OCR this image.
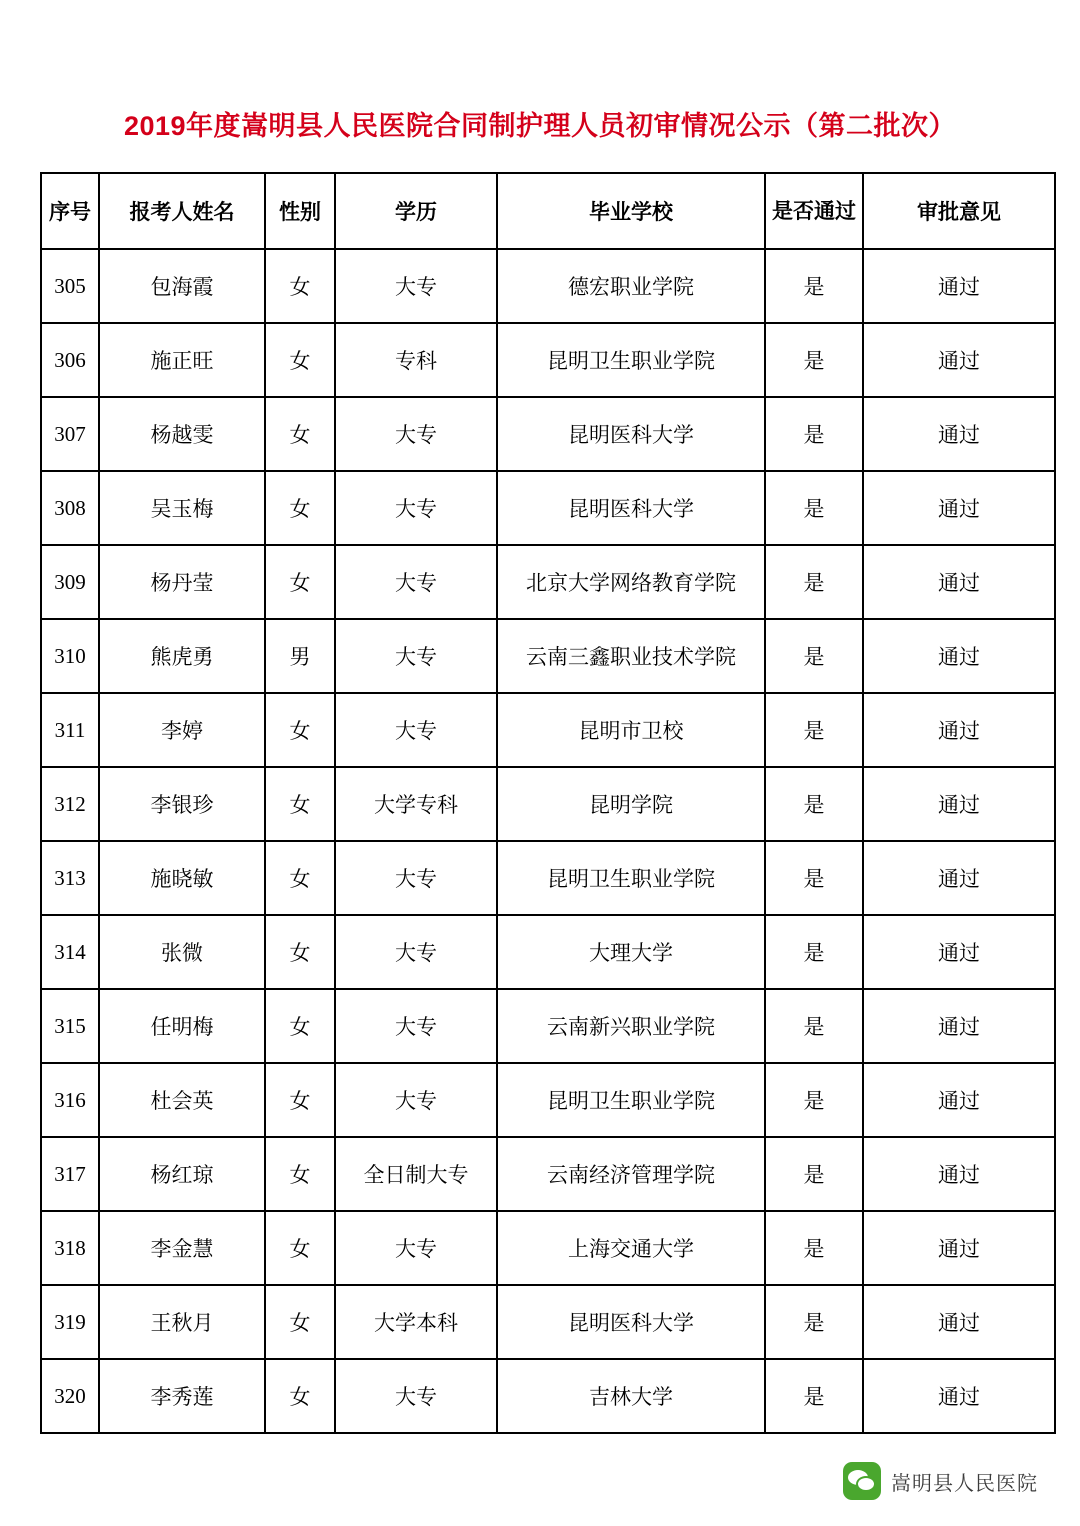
2019年度嵩明县人民医院合同制护理人员初审情况公示（第二批次）
序号	报考人姓名	性别	学历	毕业学校	是否通过	审批意见
305	包海霞	女	大专	德宏职业学院	是	通过
306	施正旺	女	专科	昆明卫生职业学院	是	通过
307	杨越雯	女	大专	昆明医科大学	是	通过
308	吴玉梅	女	大专	昆明医科大学	是	通过
309	杨丹莹	女	大专	北京大学网络教育学院	是	通过
310	熊虎勇	男	大专	云南三鑫职业技术学院	是	通过
311	李婷	女	大专	昆明市卫校	是	通过
312	李银珍	女	大学专科	昆明学院	是	通过
313	施晓敏	女	大专	昆明卫生职业学院	是	通过
314	张微	女	大专	大理大学	是	通过
315	任明梅	女	大专	云南新兴职业学院	是	通过
316	杜会英	女	大专	昆明卫生职业学院	是	通过
317	杨红琼	女	全日制大专	云南经济管理学院	是	通过
318	李金慧	女	大专	上海交通大学	是	通过
319	王秋月	女	大学本科	昆明医科大学	是	通过
320	李秀莲	女	大专	吉林大学	是	通过
嵩明县人民医院
